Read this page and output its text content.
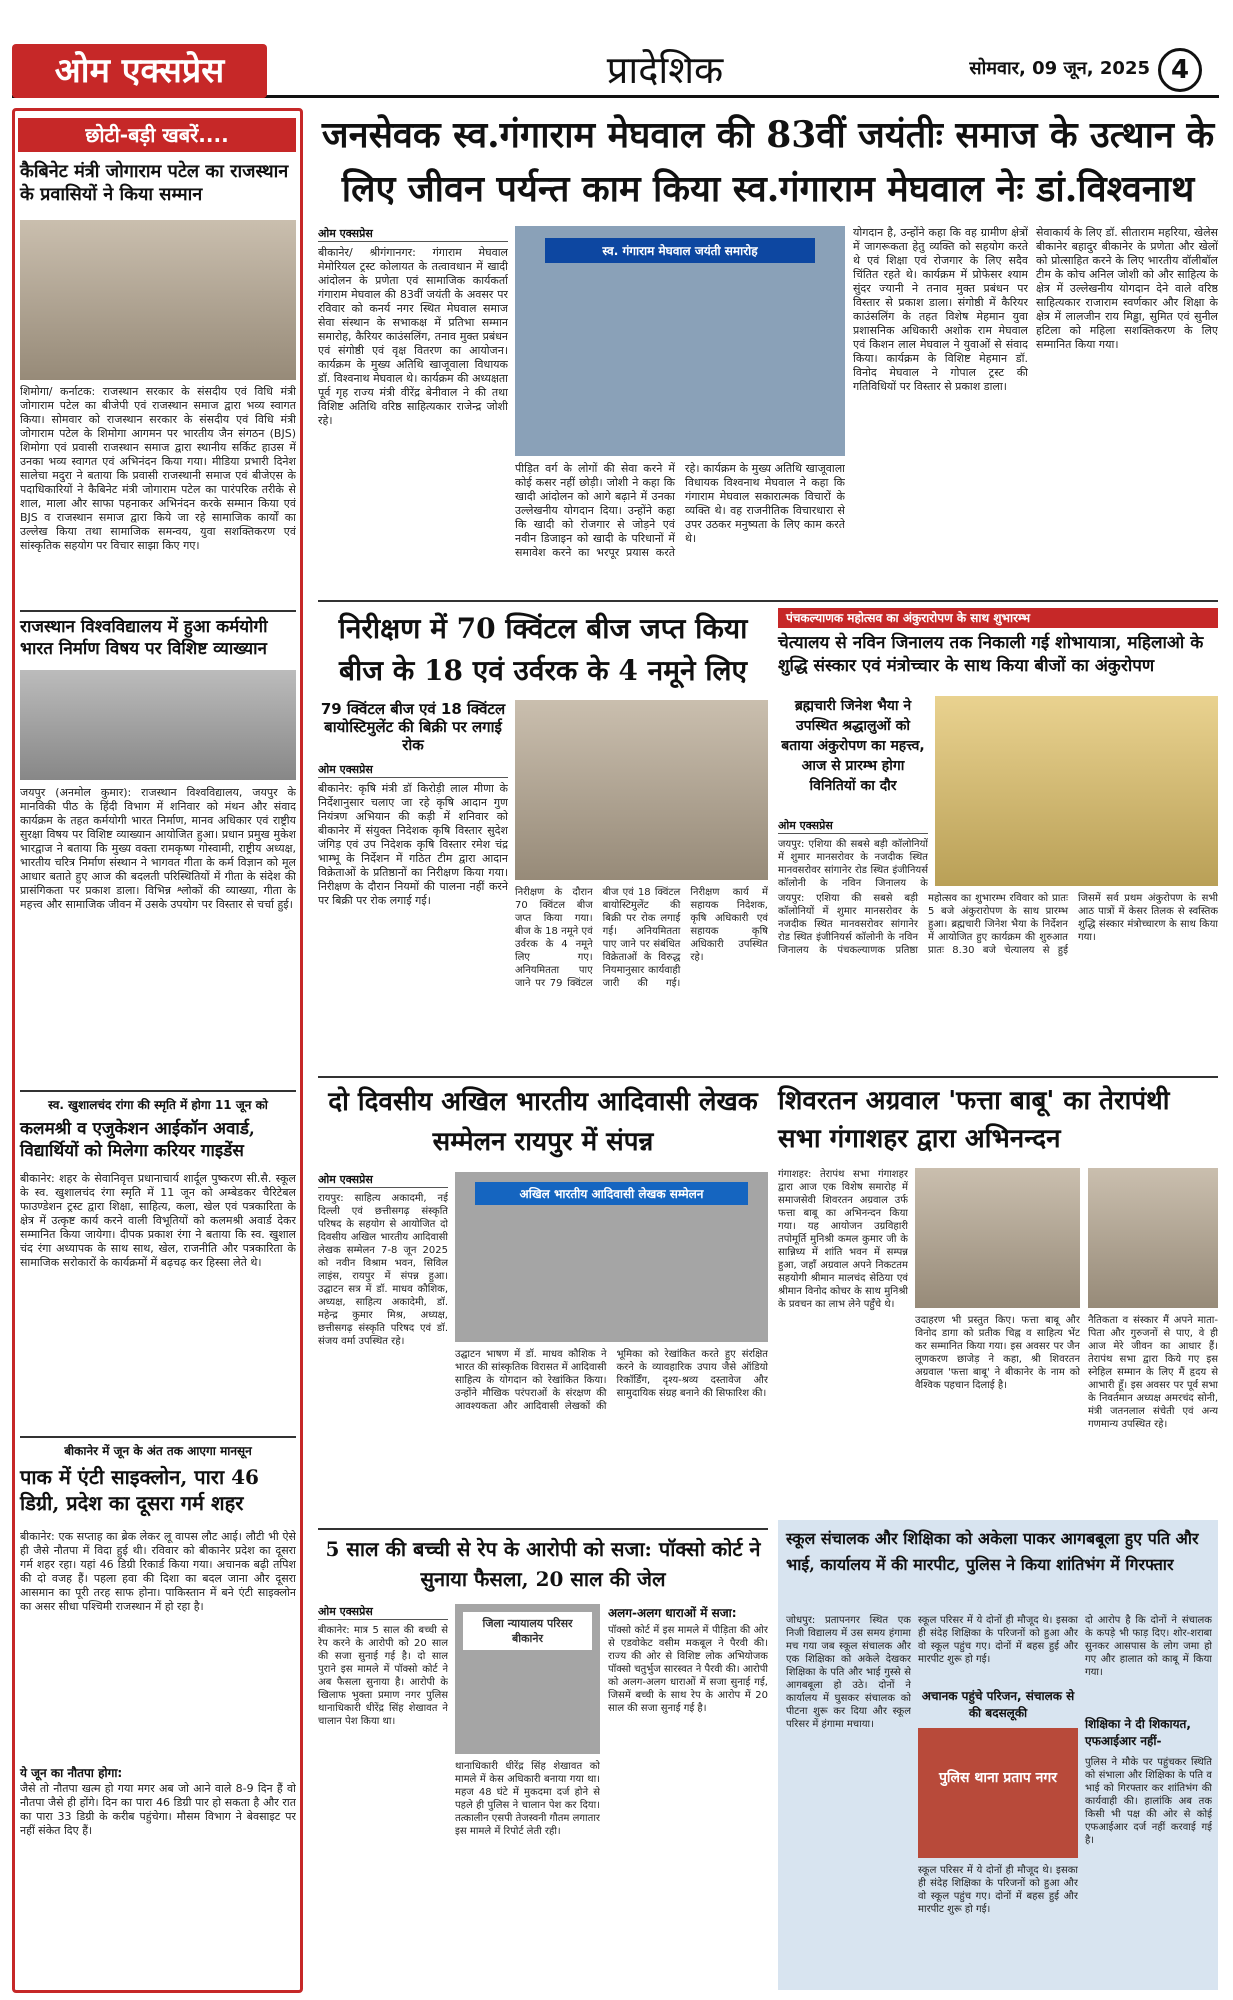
ओम एक्सप्रेस	प्रादेशिक	सोमवार, 09 जून, 2025 4
छोटी-बड़ी खबरें....
कैबिनेट मंत्री जोगाराम पटेल का राजस्थान के प्रवासियों ने किया सम्मान
शिमोगा/ कर्नाटक: राजस्थान सरकार के संसदीय एवं विधि मंत्री जोगाराम पटेल का बीजेपी एवं राजस्थान समाज द्वारा भव्य स्वागत किया। सोमवार को राजस्थान सरकार के संसदीय एवं विधि मंत्री जोगाराम पटेल के शिमोगा आगमन पर भारतीय जैन संगठन (BJS) शिमोगा एवं प्रवासी राजस्थान समाज द्वारा स्थानीय सर्किट हाउस में उनका भव्य स्वागत एवं अभिनंदन किया गया। मीडिया प्रभारी दिनेश सालेचा मदुरा ने बताया कि प्रवासी राजस्थानी समाज एवं बीजेएस के पदाधिकारियों ने कैबिनेट मंत्री जोगाराम पटेल का पारंपरिक तरीके से शाल, माला और साफा पहनाकर अभिनंदन करके सम्मान किया एवं BJS व राजस्थान समाज द्वारा किये जा रहे सामाजिक कार्यों का उल्लेख किया तथा सामाजिक समन्वय, युवा सशक्तिकरण एवं सांस्कृतिक सहयोग पर विचार साझा किए गए।
राजस्थान विश्वविद्यालय में हुआ कर्मयोगी भारत निर्माण विषय पर विशिष्ट व्याख्यान
जयपुर (अनमोल कुमार): राजस्थान विश्वविद्यालय, जयपुर के मानविकी पीठ के हिंदी विभाग में शनिवार को मंथन और संवाद कार्यक्रम के तहत कर्मयोगी भारत निर्माण, मानव अधिकार एवं राष्ट्रीय सुरक्षा विषय पर विशिष्ट व्याख्यान आयोजित हुआ। प्रधान प्रमुख मुकेश भारद्वाज ने बताया कि मुख्य वक्ता रामकृष्ण गोस्वामी, राष्ट्रीय अध्यक्ष, भारतीय चरित्र निर्माण संस्थान ने भागवत गीता के कर्म विज्ञान को मूल आधार बताते हुए आज की बदलती परिस्थितियों में गीता के संदेश की प्रासंगिकता पर प्रकाश डाला। विभिन्न श्लोकों की व्याख्या, गीता के महत्त्व और सामाजिक जीवन में उसके उपयोग पर विस्तार से चर्चा हुई।
स्व. खुशालचंद रांगा की स्मृति में होगा 11 जून को
कलमश्री व एजुकेशन आईकॉन अवार्ड, विद्यार्थियों को मिलेगा करियर गाइडेंस
बीकानेर: शहर के सेवानिवृत्त प्रधानाचार्य शार्दूल पुष्करण सी.सै. स्कूल के स्व. खुशालचंद रंगा स्मृति में 11 जून को अम्बेडकर चैरिटेबल फाउण्डेशन ट्रस्ट द्वारा शिक्षा, साहित्य, कला, खेल एवं पत्रकारिता के क्षेत्र में उत्कृष्ट कार्य करने वाली विभूतियों को कलमश्री अवार्ड देकर सम्मानित किया जायेगा। दीपक प्रकाश रंगा ने बताया कि स्व. खुशाल चंद रंगा अध्यापक के साथ साथ, खेल, राजनीति और पत्रकारिता के सामाजिक सरोकारों के कार्यक्रमों में बढ़चढ़ कर हिस्सा लेते थे।
बीकानेर में जून के अंत तक आएगा मानसून
पाक में एंटी साइक्लोन, पारा 46 डिग्री, प्रदेश का दूसरा गर्म शहर
बीकानेर: एक सप्ताह का ब्रेक लेकर लू वापस लौट आई। लौटी भी ऐसे ही जैसे नौतपा में विदा हुई थी। रविवार को बीकानेर प्रदेश का दूसरा गर्म शहर रहा। यहां 46 डिग्री रिकार्ड किया गया। अचानक बढ़ी तपिश की दो वजह हैं। पहला हवा की दिशा का बदल जाना और दूसरा आसमान का पूरी तरह साफ होना। पाकिस्तान में बने एंटी साइक्लोन का असर सीधा पश्चिमी राजस्थान में हो रहा है।
ये जून का नौतपा होगा:
जैसे तो नौतपा खत्म हो गया मगर अब जो आने वाले 8-9 दिन हैं वो नौतपा जैसे ही होंगे। दिन का पारा 46 डिग्री पार हो सकता है और रात का पारा 33 डिग्री के करीब पहुंचेगा। मौसम विभाग ने बेवसाइट पर नहीं संकेत दिए हैं।
जनसेवक स्व.गंगाराम मेघवाल की 83वीं जयंतीः समाज के उत्थान के लिए जीवन पर्यन्त काम किया स्व.गंगाराम मेघवाल नेः डां.विश्वनाथ
ओम एक्सप्रेस
बीकानेर/ श्रीगंगानगर: गंगाराम मेघवाल मेमोरियल ट्रस्ट कोलायत के तत्वावधान में खादी आंदोलन के प्रणेता एवं सामाजिक कार्यकर्ता गंगाराम मेघवाल की 83वीं जयंती के अवसर पर रविवार को कनर्य नगर स्थित मेघवाल समाज सेवा संस्थान के सभाकक्ष में प्रतिभा सम्मान समारोह, कैरियर काउंसलिंग, तनाव मुक्त प्रबंधन एवं संगोष्ठी एवं वृक्ष वितरण का आयोजन। कार्यक्रम के मुख्य अतिथि खाजूवाला विधायक डॉ. विश्वनाथ मेघवाल थे। कार्यक्रम की अध्यक्षता पूर्व गृह राज्य मंत्री वीरेंद्र बेनीवाल ने की तथा विशिष्ट अतिथि वरिष्ठ साहित्यकार राजेन्द्र जोशी रहे।
स्व. गंगाराम मेघवाल जयंती समारोह
पीड़ित वर्ग के लोगों की सेवा करने में कोई कसर नहीं छोड़ी। जोशी ने कहा कि खादी आंदोलन को आगे बढ़ाने में उनका उल्लेखनीय योगदान दिया। उन्होंने कहा कि खादी को रोजगार से जोड़ने एवं नवीन डिजाइन को खादी के परिधानों में समावेश करने का भरपूर प्रयास करते रहे। कार्यक्रम के मुख्य अतिथि खाजूवाला विधायक विश्वनाथ मेघवाल ने कहा कि गंगाराम मेघवाल सकारात्मक विचारों के व्यक्ति थे। वह राजनीतिक विचारधारा से उपर उठकर मनुष्यता के लिए काम करते थे।
योगदान है, उन्होंने कहा कि वह ग्रामीण क्षेत्रों में जागरूकता हेतु व्यक्ति को सहयोग करते थे एवं शिक्षा एवं रोजगार के लिए सदैव चिंतित रहते थे। कार्यक्रम में प्रोफेसर श्याम सुंदर ज्यानी ने तनाव मुक्त प्रबंधन पर विस्तार से प्रकाश डाला। संगोष्ठी में कैरियर काउंसलिंग के तहत विशेष मेहमान युवा प्रशासनिक अधिकारी अशोक राम मेघवाल एवं किशन लाल मेघवाल ने युवाओं से संवाद किया। कार्यक्रम के विशिष्ट मेहमान डॉ. विनोद मेघवाल ने गोपाल ट्रस्ट की गतिविधियों पर विस्तार से प्रकाश डाला।
सेवाकार्य के लिए डॉ. सीताराम महरिया, खेलेस बीकानेर बहादुर बीकानेर के प्रणेता और खेलों को प्रोत्साहित करने के लिए भारतीय वॉलीबॉल टीम के कोच अनिल जोशी को और साहित्य के क्षेत्र में उल्लेखनीय योगदान देने वाले वरिष्ठ साहित्यकार राजाराम स्वर्णकार और शिक्षा के क्षेत्र में लालजीन राय मिड्ढा, सुमित एवं सुनील हटिला को महिला सशक्तिकरण के लिए सम्मानित किया गया।
निरीक्षण में 70 क्विंटल बीज जप्त किया बीज के 18 एवं उर्वरक के 4 नमूने लिए
79 क्विंटल बीज एवं 18 क्विंटल बायोस्टिमुलेंट की बिक्री पर लगाई रोक
ओम एक्सप्रेस
बीकानेर: कृषि मंत्री डॉ किरोड़ी लाल मीणा के निर्देशानुसार चलाए जा रहे कृषि आदान गुण नियंत्रण अभियान की कड़ी में शनिवार को बीकानेर में संयुक्त निदेशक कृषि विस्तार सुदेश जंगिड़ एवं उप निदेशक कृषि विस्तार रमेश चंद्र भाम्भू के निर्देशन में गठित टीम द्वारा आदान विक्रेताओं के प्रतिष्ठानों का निरीक्षण किया गया। निरीक्षण के दौरान नियमों की पालना नहीं करने पर बिक्री पर रोक लगाई गई।
निरीक्षण के दौरान 70 क्विंटल बीज जप्त किया गया। बीज के 18 नमूने एवं उर्वरक के 4 नमूने लिए गए। अनियमितता पाए जाने पर 79 क्विंटल बीज एवं 18 क्विंटल बायोस्टिमुलेंट की बिक्री पर रोक लगाई गई। अनियमितता पाए जाने पर संबंधित विक्रेताओं के विरुद्ध नियमानुसार कार्यवाही जारी की गई। निरीक्षण कार्य में सहायक निदेशक, कृषि अधिकारी एवं सहायक कृषि अधिकारी उपस्थित रहे।
पंचकल्याणक महोत्सव का अंकुरारोपण के साथ शुभारम्भ
चेत्यालय से नविन जिनालय तक निकाली गई शोभायात्रा, महिलाओ के शुद्धि संस्कार एवं मंत्रोच्चार के साथ किया बीजों का अंकुरोपण
ब्रह्मचारी जिनेश भैया ने उपस्थित श्रद्धालुओं को बताया अंकुरोपण का महत्त्व, आज से प्रारम्भ होगा विनितियों का दौर
ओम एक्सप्रेस
जयपुर: एशिया की सबसे बड़ी कॉलोनियों में शुमार मानसरोवर के नजदीक स्थित मानवसरोवर सांगानेर रोड स्थित इंजीनियर्स कॉलोनी के नविन जिनालय के पंचकल्याणक प्रतिष्ठा महोत्सव का शुभारम्भ रविवार को प्रातः 5 बजे अंकुरारोपण के साथ प्रारम्भ हुआ। ब्रह्मचारी जिनेश भैया के निर्देशन में आयोजित हुए कार्यक्रम की शुरुआत प्रातः 8.30 बजे चेत्यालय से हुई जिसमें सर्व प्रथम अंकुरोपण के सभी आठ पात्रों में केसर तिलक से स्वस्तिक शुद्धि संस्कार मंत्रोच्चारण के साथ किया गया।
जयपुर: एशिया की सबसे बड़ी कॉलोनियों में शुमार मानसरोवर के नजदीक स्थित मानवसरोवर सांगानेर रोड स्थित इंजीनियर्स कॉलोनी के नविन जिनालय के
दो दिवसीय अखिल भारतीय आदिवासी लेखक सम्मेलन रायपुर में संपन्न
ओम एक्सप्रेस
रायपुर: साहित्य अकादमी, नई दिल्ली एवं छत्तीसगढ़ संस्कृति परिषद के सहयोग से आयोजित दो दिवसीय अखिल भारतीय आदिवासी लेखक सम्मेलन 7-8 जून 2025 को नवीन विश्राम भवन, सिविल लाइंस, रायपुर में संपन्न हुआ। उद्घाटन सत्र में डॉ. माधव कौशिक, अध्यक्ष, साहित्य अकादेमी, डॉ. महेन्द्र कुमार मिश्र, अध्यक्ष, छत्तीसगढ़ संस्कृति परिषद एवं डॉ. संजय वर्मा उपस्थित रहे।
अखिल भारतीय आदिवासी लेखक सम्मेलन
उद्घाटन भाषण में डॉ. माधव कौशिक ने भारत की सांस्कृतिक विरासत में आदिवासी साहित्य के योगदान को रेखांकित किया। उन्होंने मौखिक परंपराओं के संरक्षण की आवश्यकता और आदिवासी लेखकों की भूमिका को रेखांकित करते हुए संरक्षित करने के व्यावहारिक उपाय जैसे ऑडियो रिकॉर्डिंग, दृश्य-श्रव्य दस्तावेज और सामुदायिक संग्रह बनाने की सिफारिश की।
शिवरतन अग्रवाल 'फत्ता बाबू' का तेरापंथी सभा गंगाशहर द्वारा अभिनन्दन
गंगाशहर: तेरापंथ सभा गंगाशहर द्वारा आज एक विशेष समारोह में समाजसेवी शिवरतन अग्रवाल उर्फ फत्ता बाबू का अभिनन्दन किया गया। यह आयोजन उग्रविहारी तपोमूर्ति मुनिश्री कमल कुमार जी के सान्निध्य में शांति भवन में सम्पन्न हुआ, जहाँ अग्रवाल अपने निकटतम सहयोगी श्रीमान मालचंद सेठिया एवं श्रीमान विनोद कोचर के साथ मुनिश्री के प्रवचन का लाभ लेने पहुँचे थे।
उदाहरण भी प्रस्तुत किए। फत्ता बाबू और विनोद डागा को प्रतीक चिह्न व साहित्य भेंट कर सम्मानित किया गया। इस अवसर पर जैन लूणकरण छाजेड़ ने कहा, श्री शिवरतन अग्रवाल 'फत्ता बाबू' ने बीकानेर के नाम को वैश्विक पहचान दिलाई है।
नैतिकता व संस्कार मैं अपने माता-पिता और गुरुजनों से पाए, वे ही आज मेरे जीवन का आधार हैं। तेरापंथ सभा द्वारा किये गए इस स्नेहिल सम्मान के लिए मैं हृदय से आभारी हूँ। इस अवसर पर पूर्व सभा के निवर्तमान अध्यक्ष अमरचंद सोनी, मंत्री जतनलाल संचेती एवं अन्य गणमान्य उपस्थित रहे।
5 साल की बच्ची से रेप के आरोपी को सजा: पॉक्सो कोर्ट ने सुनाया फैसला, 20 साल की जेल
ओम एक्सप्रेस
बीकानेर: मात्र 5 साल की बच्ची से रेप करने के आरोपी को 20 साल की सजा सुनाई गई है। दो साल पुराने इस मामले में पॉक्सो कोर्ट ने अब फैसला सुनाया है। आरोपी के खिलाफ भुक्ता प्रमाण नगर पुलिस थानाधिकारी धीरेंद्र सिंह शेखावत ने चालान पेश किया था।
जिला न्यायालय परिसर बीकानेर
थानाधिकारी धीरेंद्र सिंह शेखावत को मामले में केस अधिकारी बनाया गया था। महज 48 घंटे में मुकदमा दर्ज होने से पहले ही पुलिस ने चालान पेश कर दिया। तत्कालीन एसपी तेजस्वनी गौतम लगातार इस मामले में रिपोर्ट लेती रही।
अलग-अलग धाराओं में सजा:
पॉक्सो कोर्ट में इस मामले में पीड़िता की ओर से एडवोकेट वसीम मकबूल ने पैरवी की। राज्य की ओर से विशिष्ट लोक अभियोजक पॉक्सो चतुर्भुज सारस्वत ने पैरवी की। आरोपी को अलग-अलग धाराओं में सजा सुनाई गई, जिसमें बच्ची के साथ रेप के आरोप में 20 साल की सजा सुनाई गई है।
स्कूल संचालक और शिक्षिका को अकेला पाकर आगबबूला हुए पति और भाई, कार्यालय में की मारपीट, पुलिस ने किया शांतिभंग में गिरफ्तार
जोधपुर: प्रतापनगर स्थित एक निजी विद्यालय में उस समय हंगामा मच गया जब स्कूल संचालक और एक शिक्षिका को अकेले देखकर शिक्षिका के पति और भाई गुस्से से आगबबूला हो उठे। दोनों ने कार्यालय में घुसकर संचालक को पीटना शुरू कर दिया और स्कूल परिसर में हंगामा मचाया।
स्कूल परिसर में ये दोनों ही मौजूद थे। इसका ही संदेह शिक्षिका के परिजनों को हुआ और वो स्कूल पहुंच गए। दोनों में बहस हुई और मारपीट शुरू हो गई।
अचानक पहुंचे परिजन, संचालक से की बदसलूकी
पुलिस थाना प्रताप नगर
दो आरोप है कि दोनों ने संचालक के कपड़े भी फाड़ दिए। शोर-शराबा सुनकर आसपास के लोग जमा हो गए और हालात को काबू में किया गया।
शिक्षिका ने दी शिकायत, एफआईआर नहीं-
पुलिस ने मौके पर पहुंचकर स्थिति को संभाला और शिक्षिका के पति व भाई को गिरफ्तार कर शांतिभंग की कार्यवाही की। हालांकि अब तक किसी भी पक्ष की ओर से कोई एफआईआर दर्ज नहीं करवाई गई है।
स्कूल परिसर में ये दोनों ही मौजूद थे। इसका ही संदेह शिक्षिका के परिजनों को हुआ और वो स्कूल पहुंच गए। दोनों में बहस हुई और मारपीट शुरू हो गई।
